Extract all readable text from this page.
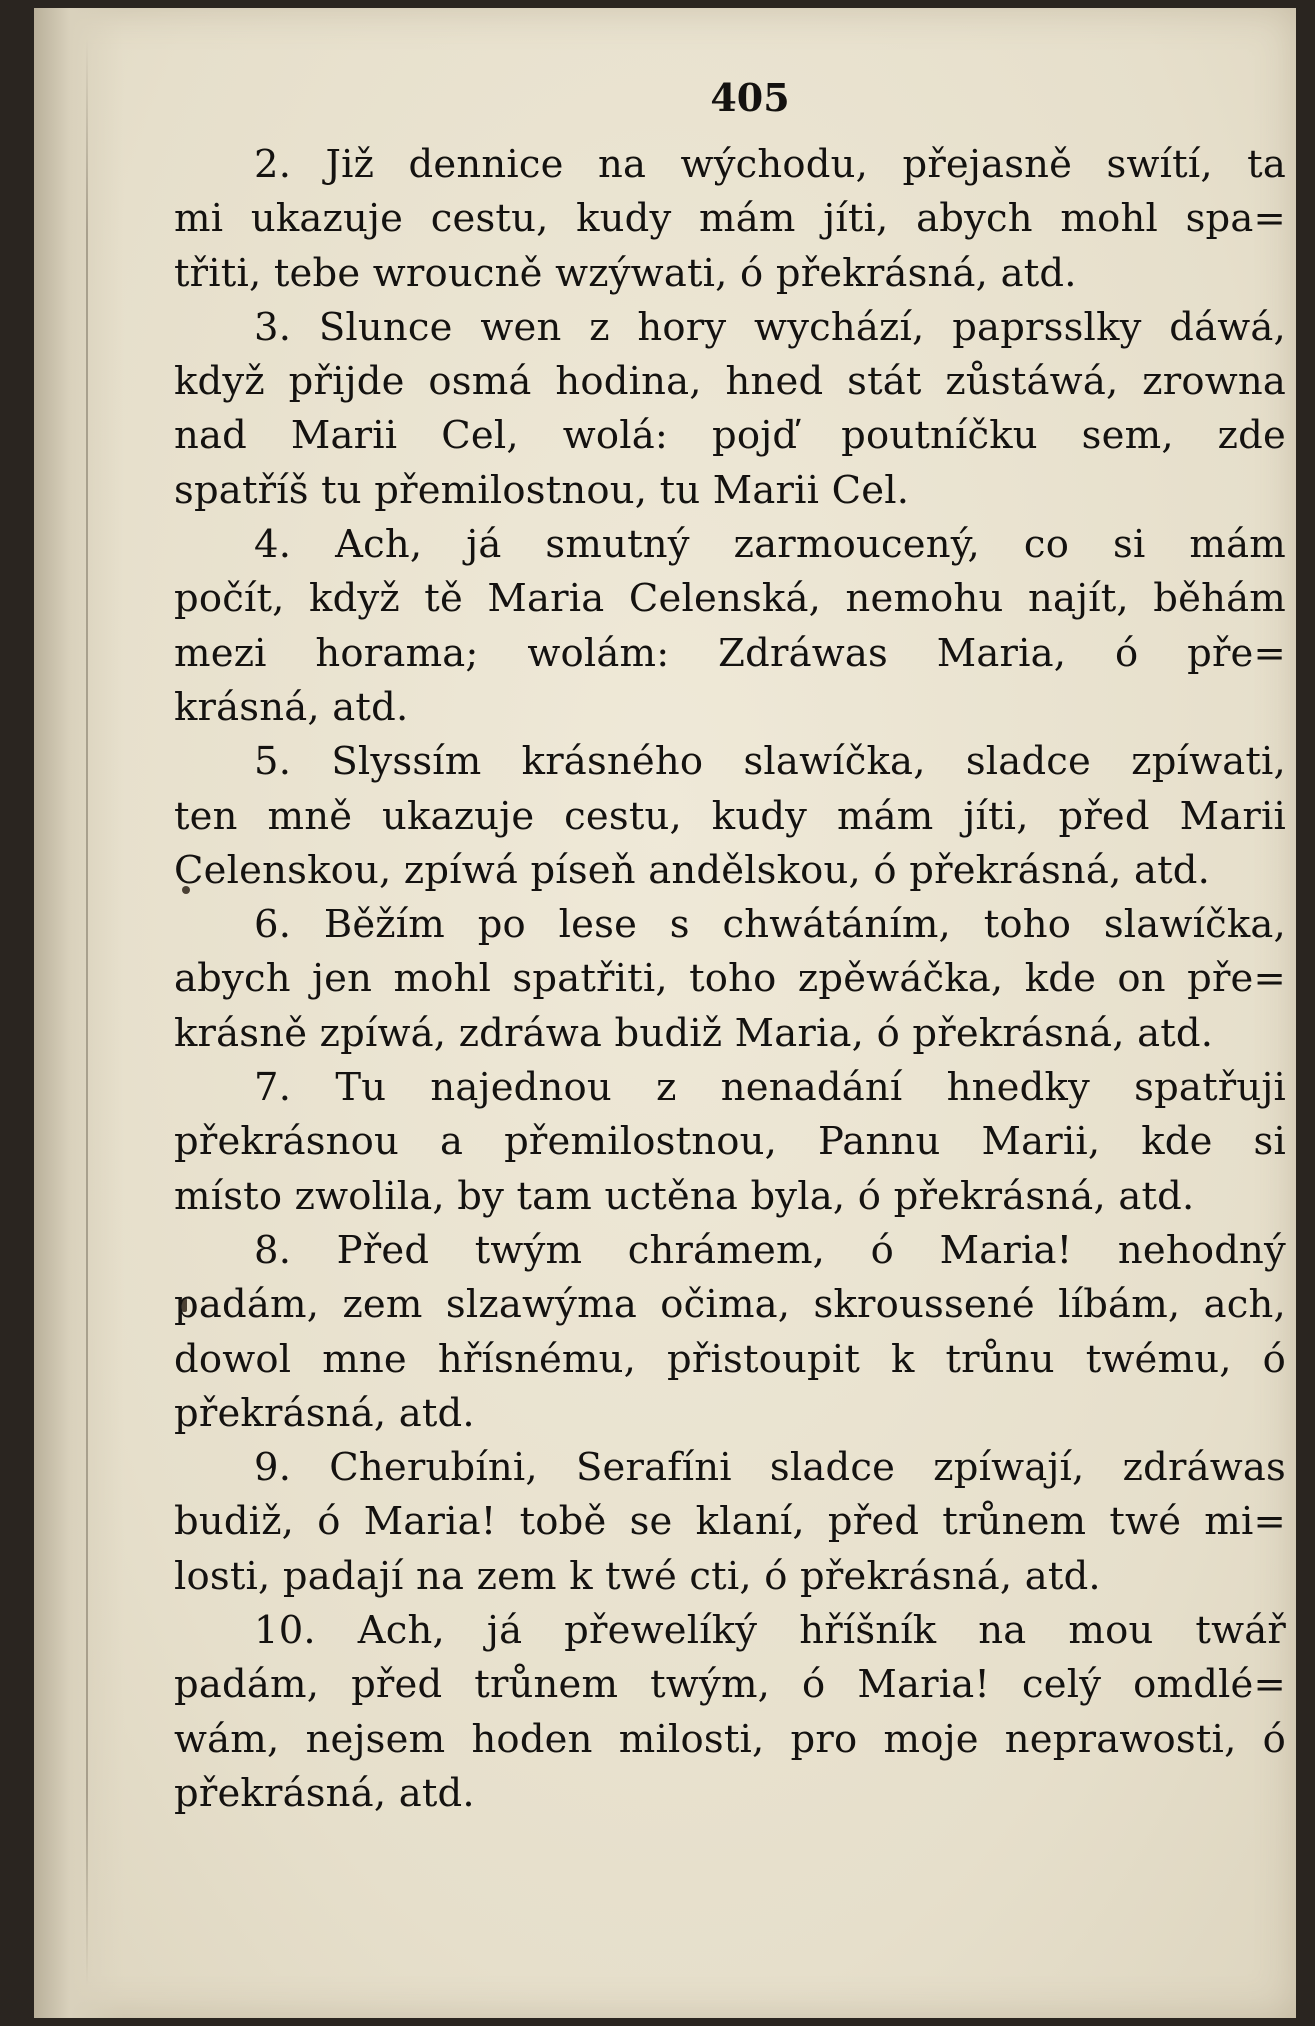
405
2. Již dennice na wýchodu, přejasně swítí, ta
mi ukazuje cestu, kudy mám jíti, abych mohl spa=
třiti, tebe wroucně wzýwati, ó překrásná, atd.
3. Slunce wen z hory wychází, paprsslky dáwá,
když přijde osmá hodina, hned stát zůstáwá, zrowna
nad Marii Cel, wolá: pojď poutníčku sem, zde
spatříš tu přemilostnou, tu Marii Cel.
4. Ach, já smutný zarmoucený, co si mám
počít, když tě Maria Celenská, nemohu najít, běhám
mezi horama; wolám: Zdráwas Maria, ó pře=
krásná, atd.
5. Slyssím krásného slawíčka, sladce zpíwati,
ten mně ukazuje cestu, kudy mám jíti, před Marii
Celenskou, zpíwá píseň andělskou, ó překrásná, atd.
6. Běžím po lese s chwátáním, toho slawíčka,
abych jen mohl spatřiti, toho zpěwáčka, kde on pře=
krásně zpíwá, zdráwa budiž Maria, ó překrásná, atd.
7. Tu najednou z nenadání hnedky spatřuji
překrásnou a přemilostnou, Pannu Marii, kde si
místo zwolila, by tam uctěna byla, ó překrásná, atd.
8. Před twým chrámem, ó Maria! nehodný
padám, zem slzawýma očima, skroussené líbám, ach,
dowol mne hřísnému, přistoupit k trůnu twému, ó
překrásná, atd.
9. Cherubíni, Serafíni sladce zpíwají, zdráwas
budiž, ó Maria! tobě se klaní, před trůnem twé mi=
losti, padají na zem k twé cti, ó překrásná, atd.
10. Ach, já přewelíký hříšník na mou twář
padám, před trůnem twým, ó Maria! celý omdlé=
wám, nejsem hoden milosti, pro moje neprawosti, ó
překrásná, atd.
